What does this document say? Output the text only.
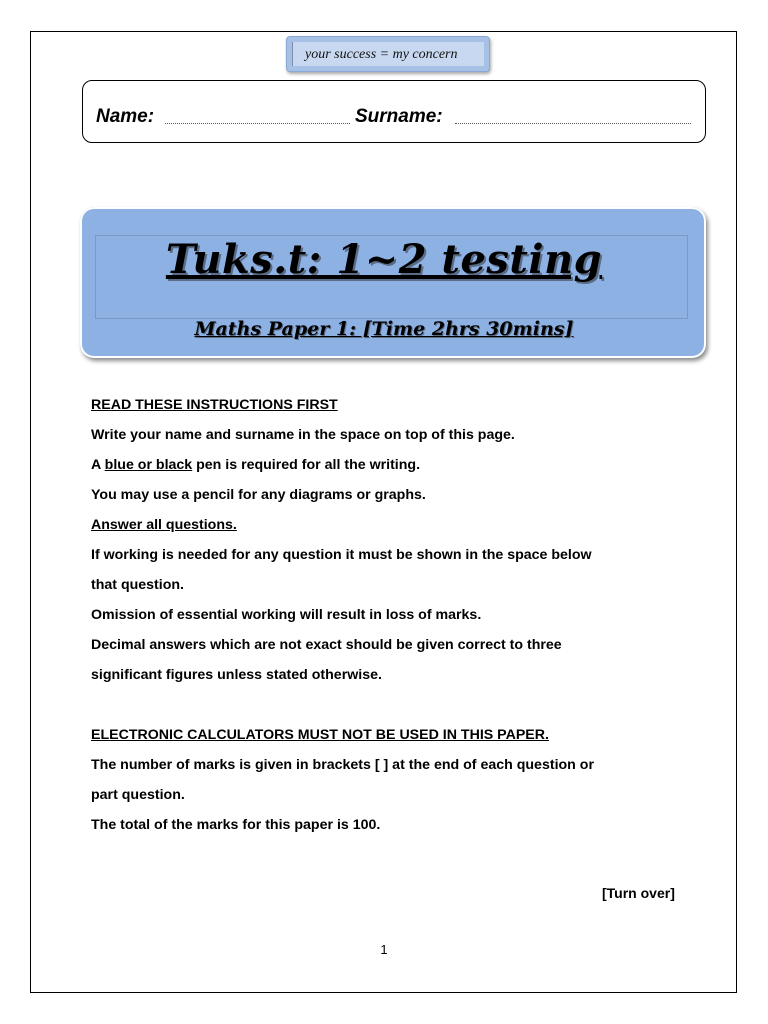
your success = my concern
Name:	Surname:
Tuks.t: 1~2 testing
Maths Paper 1: [Time 2hrs 30mins]

READ THESE INSTRUCTIONS FIRST

Write your name and surname in the space on top of this page.

A blue or black pen is required for all the writing.

You may use a pencil for any diagrams or graphs.

Answer all questions.

If working is needed for any question it must be shown in the space below

that question.

Omission of essential working will result in loss of marks.

Decimal answers which are not exact should be given correct to three

significant figures unless stated otherwise.

ELECTRONIC CALCULATORS MUST NOT BE USED IN THIS PAPER.

The number of marks is given in brackets [ ] at the end of each question or

part question.

The total of the marks for this paper is 100.

[Turn over]
1
